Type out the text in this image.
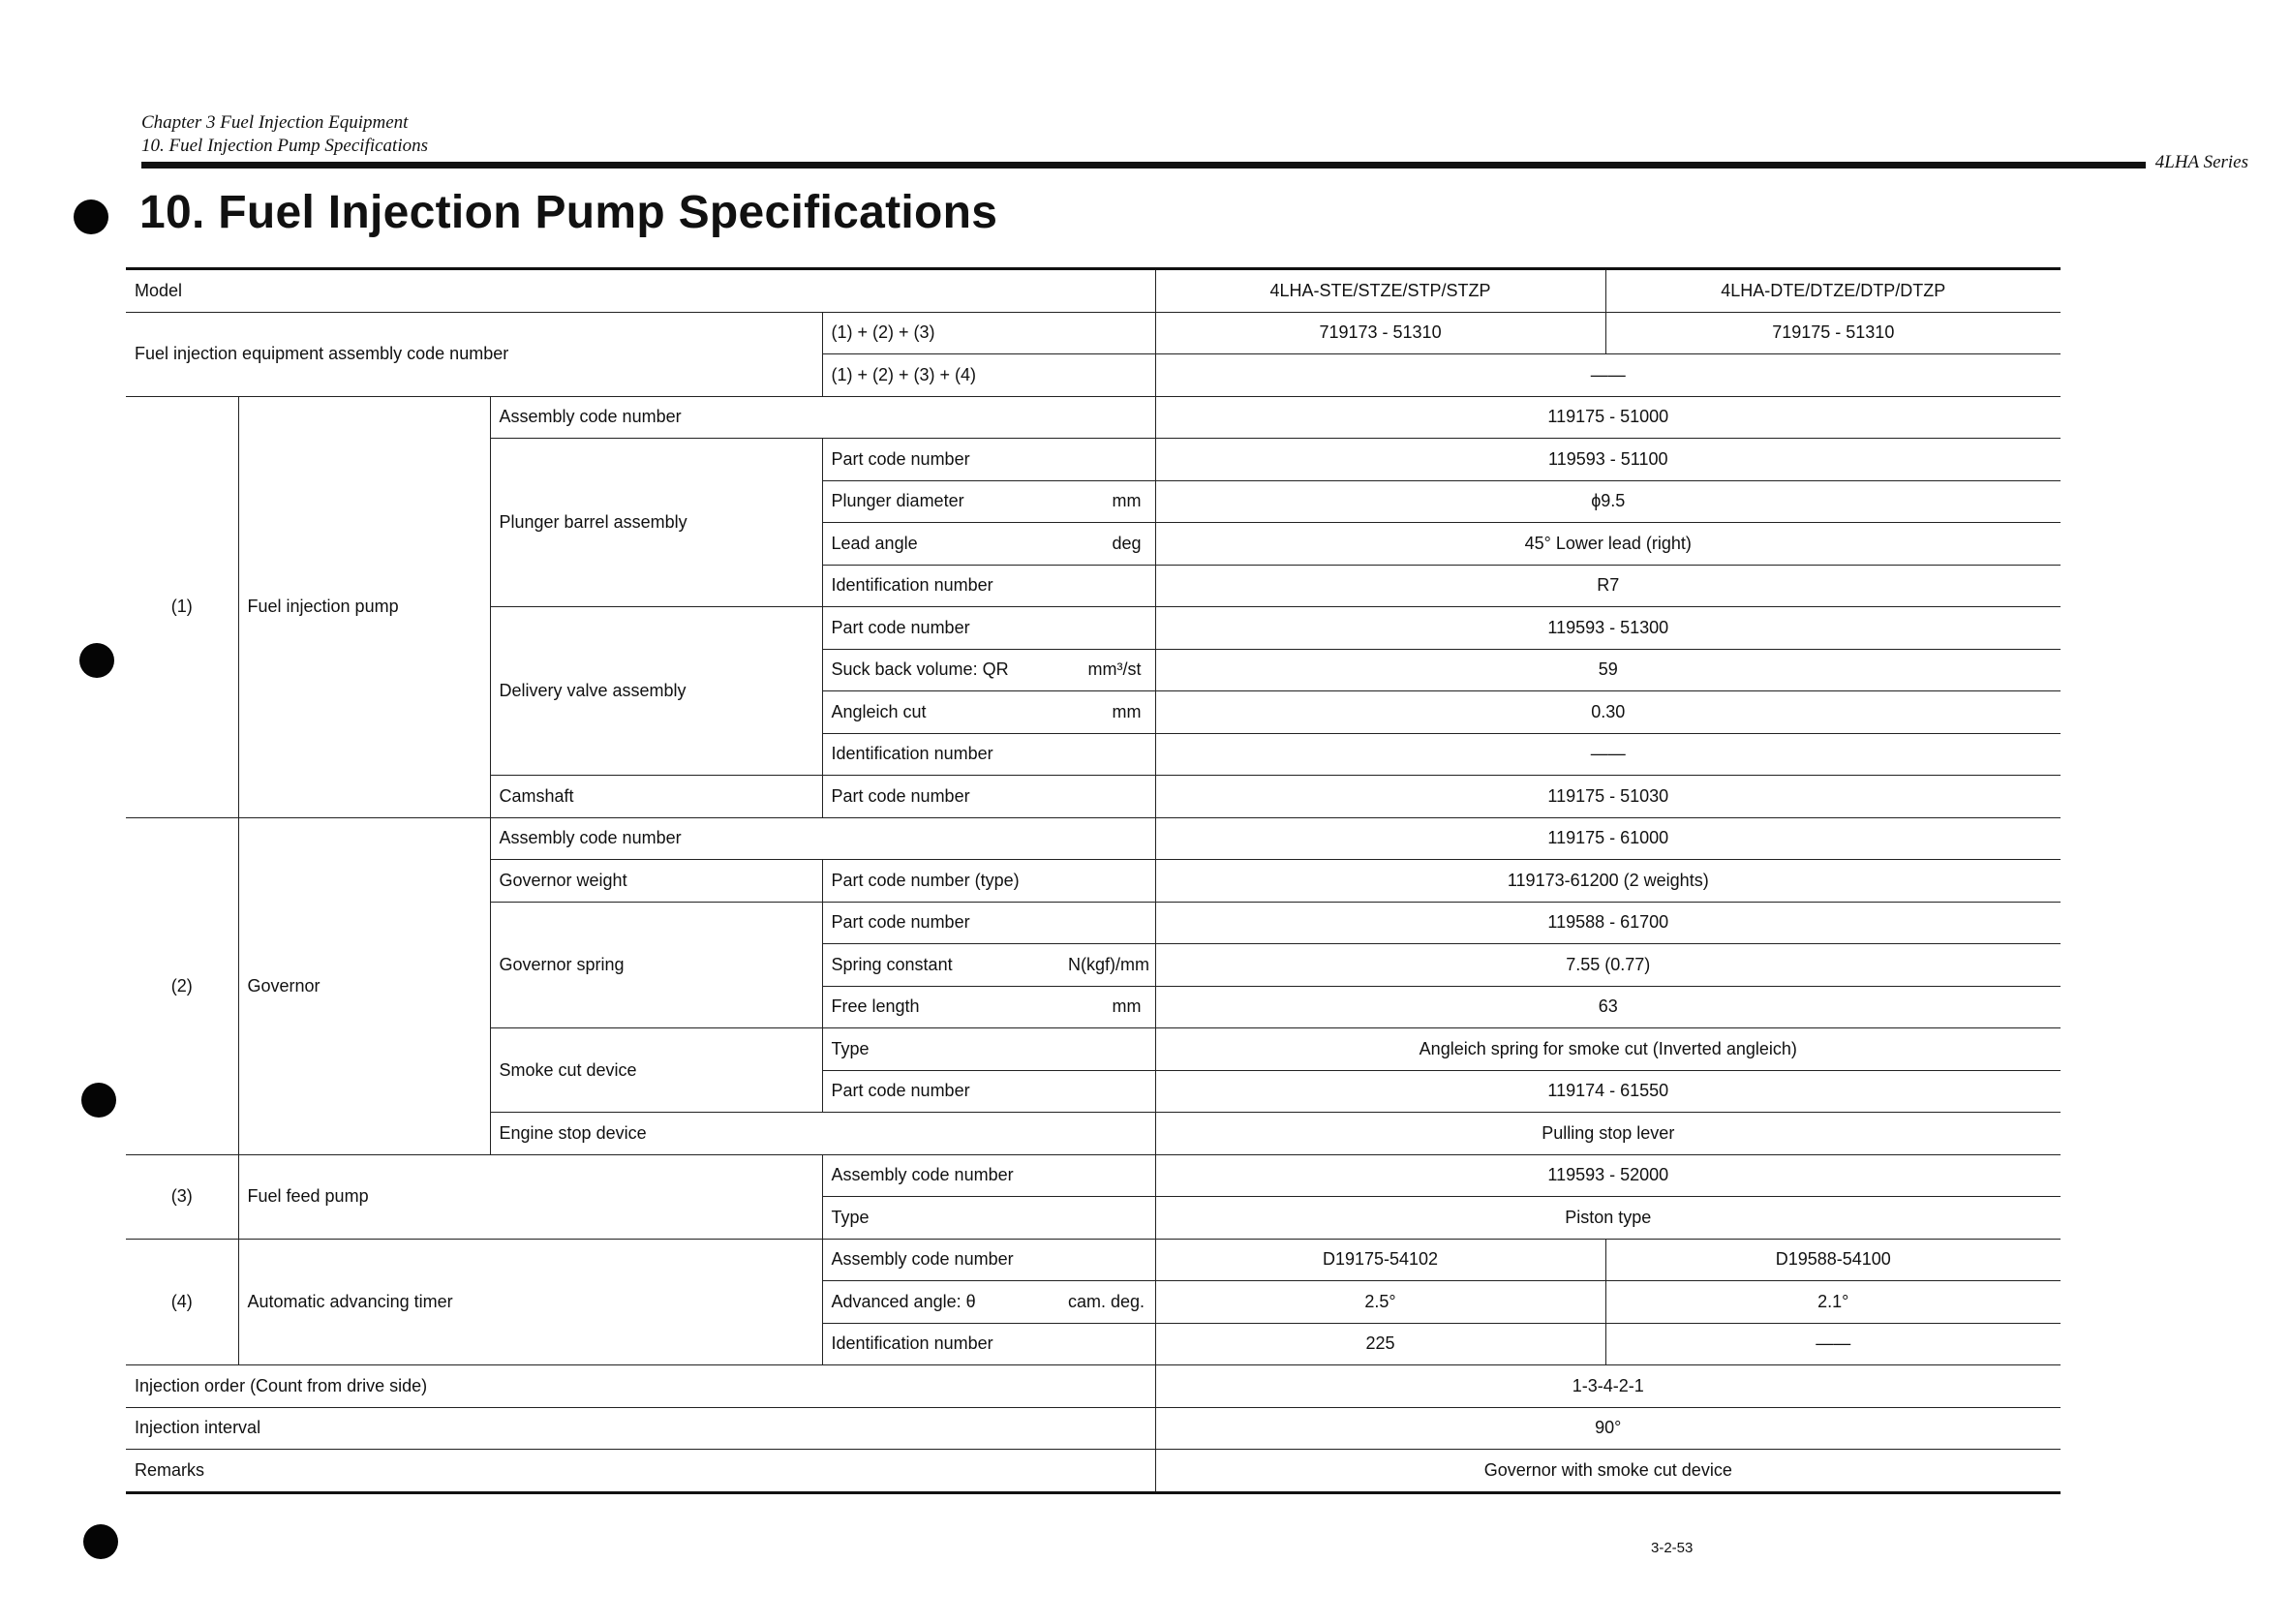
Chapter 3 Fuel Injection Equipment
10. Fuel Injection Pump Specifications
4LHA Series
10. Fuel Injection Pump Specifications
Model					4LHA-STE/STZE/STP/STZP	4LHA-DTE/DTZE/DTP/DTZP
Fuel injection equipment assembly code number			(1) + (2) + (3)		719173 - 51310	719175 - 51310
			(1) + (2) + (3) + (4)		——	
(1)	Fuel injection pump	Assembly code number			119175 - 51000	
		Plunger barrel assembly	Part code number		119593 - 51100	
			Plunger diameter	mm	ϕ9.5	
			Lead angle	deg	45° Lower lead (right)	
			Identification number		R7	
		Delivery valve assembly	Part code number		119593 - 51300	
			Suck back volume: QR	mm³/st	59	
			Angleich cut	mm	0.30	
			Identification number		——	
		Camshaft	Part code number		119175 - 51030	
(2)	Governor	Assembly code number			119175 - 61000	
		Governor weight	Part code number (type)		119173-61200 (2 weights)	
		Governor spring	Part code number		119588 - 61700	
			Spring constant	N(kgf)/mm	7.55 (0.77)	
			Free length	mm	63	
		Smoke cut device	Type		Angleich spring for smoke cut (Inverted angleich)	
			Part code number		119174 - 61550	
		Engine stop device			Pulling stop lever	
(3)	Fuel feed pump		Assembly code number		119593 - 52000	
			Type		Piston type	
(4)	Automatic advancing timer		Assembly code number		D19175-54102	D19588-54100
			Advanced angle: θ	cam. deg.	2.5°	2.1°
			Identification number		225	——
Injection order (Count from drive side)					1-3-4-2-1	
Injection interval					90°	
Remarks					Governor with smoke cut device	
3-2-53
